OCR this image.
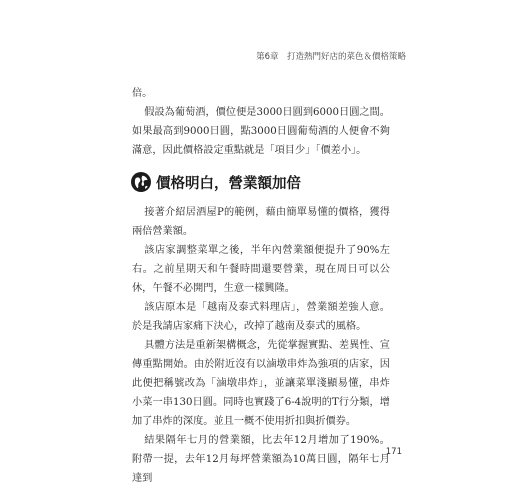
第6章　打造熱門好店的菜色＆價格策略

倍。

假設為葡萄酒，價位便是3000日圓到6000日圓之間。如果最高到9000日圓，點3000日圓葡萄酒的人便會不夠滿意，因此價格設定重點就是「項目少」「價差小」。

價格明白，營業額加倍

接著介紹居酒屋P的範例，藉由簡單易懂的價格，獲得兩倍營業額。

該店家調整菜單之後，半年內營業額便提升了90%左右。之前星期天和午餐時間還要營業，現在周日可以公休，午餐不必開門，生意一樣興隆。

該店原本是「越南及泰式料理店」，營業額差強人意。於是我請店家痛下決心，改掉了越南及泰式的風格。

具體方法是重新架構概念，先從掌握實點、差異性、宣傳重點開始。由於附近沒有以滷墩串炸為強項的店家，因此便把稱號改為「滷墩串炸」，並讓菜單淺顯易懂，串炸小菜一串130日圓。同時也實踐了6-4說明的T行分類，增加了串炸的深度。並且一概不使用折扣與折價券。

結果隔年七月的營業額，比去年12月增加了190%。附帶一提，去年12月每坪營業額為10萬日圓，隔年七月達到

171
